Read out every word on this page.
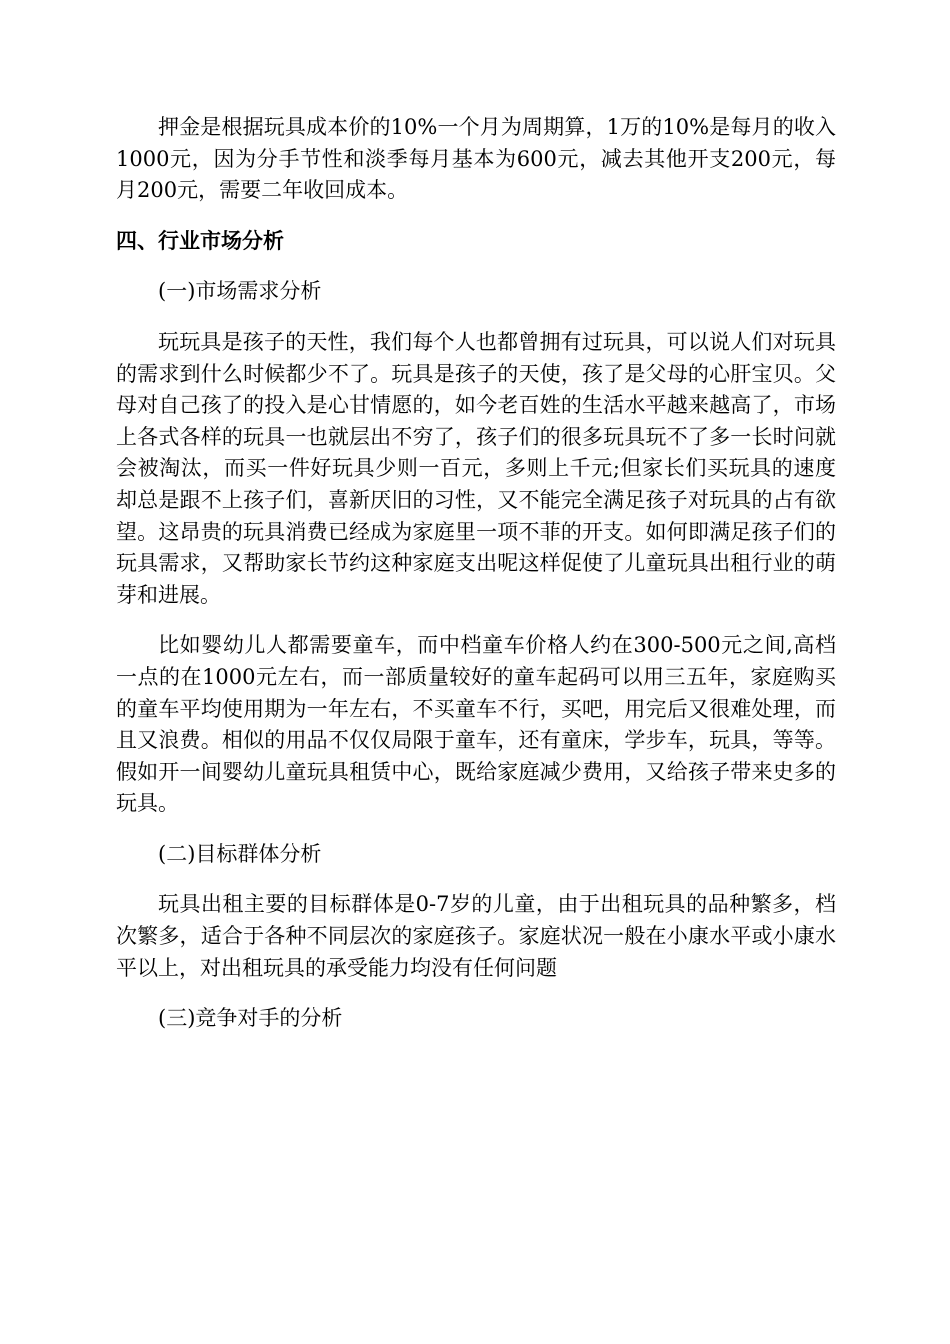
押金是根据玩具成本价的10%一个月为周期算，1万的10%是每月的收入1000元，因为分手节性和淡季每月基本为600元，减去其他开支200元，每月200元，需要二年收回成本。

四、行业市场分析

(一)市场需求分析

玩玩具是孩子的天性，我们每个人也都曾拥有过玩具，可以说人们对玩具的需求到什么时候都少不了。玩具是孩子的天使，孩了是父母的心肝宝贝。父母对自己孩了的投入是心甘情愿的，如今老百姓的生活水平越来越高了，市场上各式各样的玩具一也就层出不穷了，孩子们的很多玩具玩不了多一长时问就会被淘汰，而买一件好玩具少则一百元，多则上千元;但家长们买玩具的速度却总是跟不上孩子们，喜新厌旧的习性，又不能完全满足孩子对玩具的占有欲望。这昂贵的玩具消费已经成为家庭里一项不菲的开支。如何即满足孩子们的玩具需求，又帮助家长节约这种家庭支出呢这样促使了儿童玩具出租行业的萌芽和进展。

比如婴幼儿人都需要童车，而中档童车价格人约在300-500元之间,高档一点的在1000元左右，而一部质量较好的童车起码可以用三五年，家庭购买的童车平均使用期为一年左右，不买童车不行，买吧，用完后又很难处理，而且又浪费。相似的用品不仅仅局限于童车，还有童床，学步车，玩具，等等。假如开一间婴幼儿童玩具租赁中心，既给家庭减少费用，又给孩子带来史多的玩具。

(二)目标群体分析

玩具出租主要的目标群体是0-7岁的儿童，由于出租玩具的品种繁多，档次繁多，适合于各种不同层次的家庭孩子。家庭状况一般在小康水平或小康水平以上，对出租玩具的承受能力均没有任何问题

(三)竞争对手的分析
